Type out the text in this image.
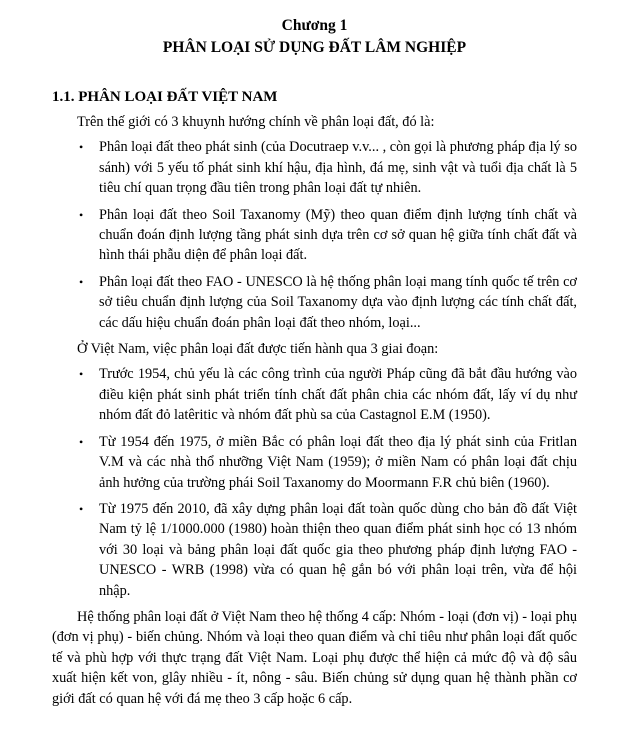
Chương 1
PHÂN LOẠI SỬ DỤNG ĐẤT LÂM NGHIỆP
1.1. PHÂN LOẠI ĐẤT VIỆT NAM

Trên thế giới có 3 khuynh hướng chính về phân loại đất, đó là:

•	Phân loại đất theo phát sinh (của Docutraep v.v... , còn gọi là phương pháp địa lý so sánh) với 5 yếu tố phát sinh khí hậu, địa hình, đá mẹ, sinh vật và tuổi địa chất là 5 tiêu chí quan trọng đầu tiên trong phân loại đất tự nhiên.
•	Phân loại đất theo Soil Taxanomy (Mỹ) theo quan điểm định lượng tính chất và chuẩn đoán định lượng tầng phát sinh dựa trên cơ sở quan hệ giữa tính chất đất và hình thái phẫu diện để phân loại đất.
•	Phân loại đất theo FAO - UNESCO là hệ thống phân loại mang tính quốc tế trên cơ sở tiêu chuẩn định lượng của Soil Taxanomy dựa vào định lượng các tính chất đất, các dấu hiệu chuẩn đoán phân loại đất theo nhóm, loại...

Ở Việt Nam, việc phân loại đất được tiến hành qua 3 giai đoạn:

•	Trước 1954, chủ yếu là các công trình của người Pháp cũng đã bắt đầu hướng vào điều kiện phát sinh phát triển tính chất đất phân chia các nhóm đất, lấy ví dụ như nhóm đất đỏ latêritic và nhóm đất phù sa của Castagnol E.M (1950).
•	Từ 1954 đến 1975, ở miền Bắc có phân loại đất theo địa lý phát sinh của Fritlan V.M và các nhà thổ nhưỡng Việt Nam (1959); ở miền Nam có phân loại đất chịu ảnh hưởng của trường phái Soil Taxanomy do Moormann F.R chủ biên (1960).
•	Từ 1975 đến 2010, đã xây dựng phân loại đất toàn quốc dùng cho bản đồ đất Việt Nam tỷ lệ 1/1000.000 (1980) hoàn thiện theo quan điểm phát sinh học có 13 nhóm với 30 loại và bảng phân loại đất quốc gia theo phương pháp định lượng FAO - UNESCO - WRB (1998) vừa có quan hệ gắn bó với phân loại trên, vừa để hội nhập.

Hệ thống phân loại đất ở Việt Nam theo hệ thống 4 cấp: Nhóm - loại (đơn vị) - loại phụ (đơn vị phụ) - biến chủng. Nhóm và loại theo quan điểm và chỉ tiêu như phân loại đất quốc tế và phù hợp với thực trạng đất Việt Nam. Loại phụ được thể hiện cả mức độ và độ sâu xuất hiện kết von, glây nhiều - ít, nông - sâu. Biến chủng sử dụng quan hệ thành phần cơ giới đất có quan hệ với đá mẹ theo 3 cấp hoặc 6 cấp.
